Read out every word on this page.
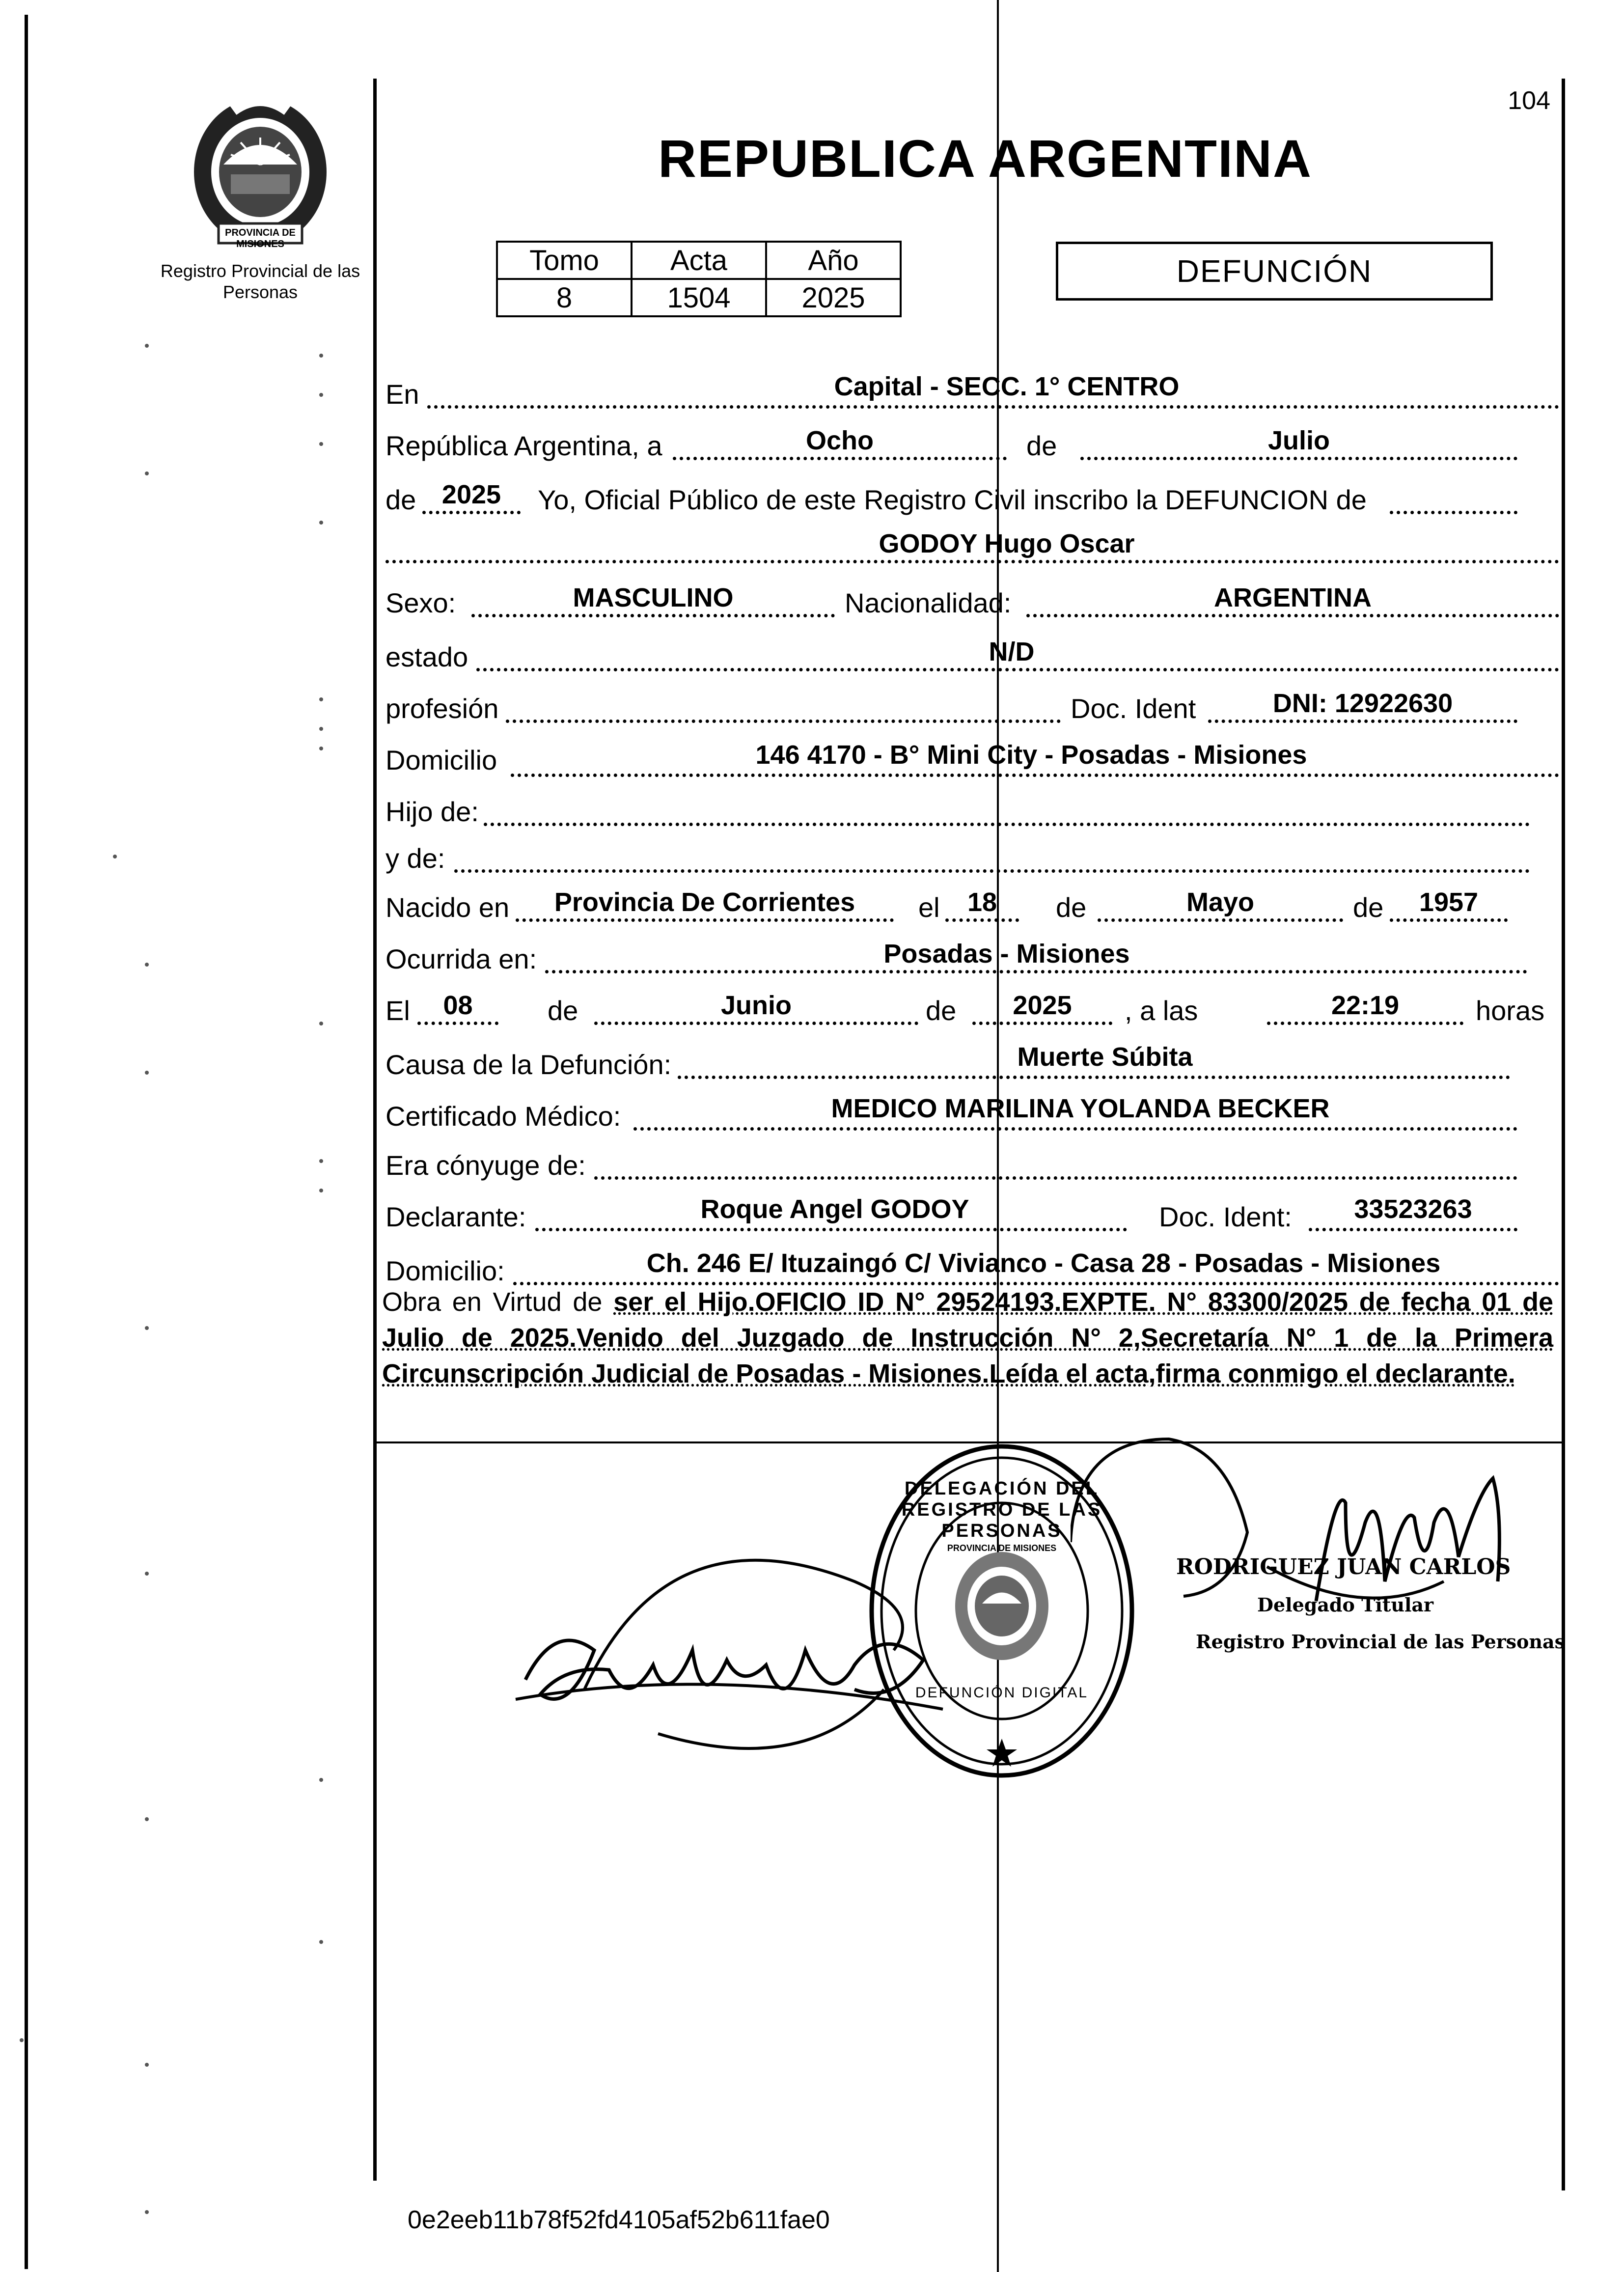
104
PROVINCIA DE MISIONES
Registro Provincial de las Personas
REPUBLICA ARGENTINA
Tomo	Acta	Año
8	1504	2025
DEFUNCIÓN
En	Capital - SECC. 1° CENTRO
República Argentina, a	Ocho	de	Julio
de 2025	Yo, Oficial Público de este Registro Civil inscribo la DEFUNCION de
GODOY Hugo Oscar
Sexo:	MASCULINO	Nacionalidad:	ARGENTINA
estado	N/D
profesión	Doc. Ident	DNI: 12922630
Domicilio	146 4170 - B° Mini City - Posadas - Misiones
Hijo de:
y de:
Nacido en	Provincia De Corrientes	el	18	de	Mayo	de	1957
Ocurrida en:	Posadas - Misiones
El	08	de	Junio	de	2025	, a las	22:19	horas
Causa de la Defunción:	Muerte Súbita
Certificado Médico:	MEDICO MARILINA YOLANDA BECKER
Era cónyuge de:
Declarante:	Roque Angel GODOY	Doc. Ident:	33523263
Domicilio:	Ch. 246 E/ Ituzaingó C/ Vivianco - Casa 28 - Posadas - Misiones
Obra en Virtud de ser el Hijo.OFICIO ID N° 29524193.EXPTE. N° 83300/2025 de fecha 01 de Julio de 2025.Venido del Juzgado de Instrucción N° 2,Secretaría N° 1 de la Primera Circunscripción Judicial de Posadas - Misiones.Leída el acta,firma conmigo el declarante.
DELEGACIÓN DEL REGISTRO DE LAS PERSONAS
DEFUNCIÓN DIGITAL
PROVINCIA DE MISIONES
RODRIGUEZ JUAN CARLOS
Delegado Titular
Registro Provincial de las Personas
0e2eeb11b78f52fd4105af52b611fae0
